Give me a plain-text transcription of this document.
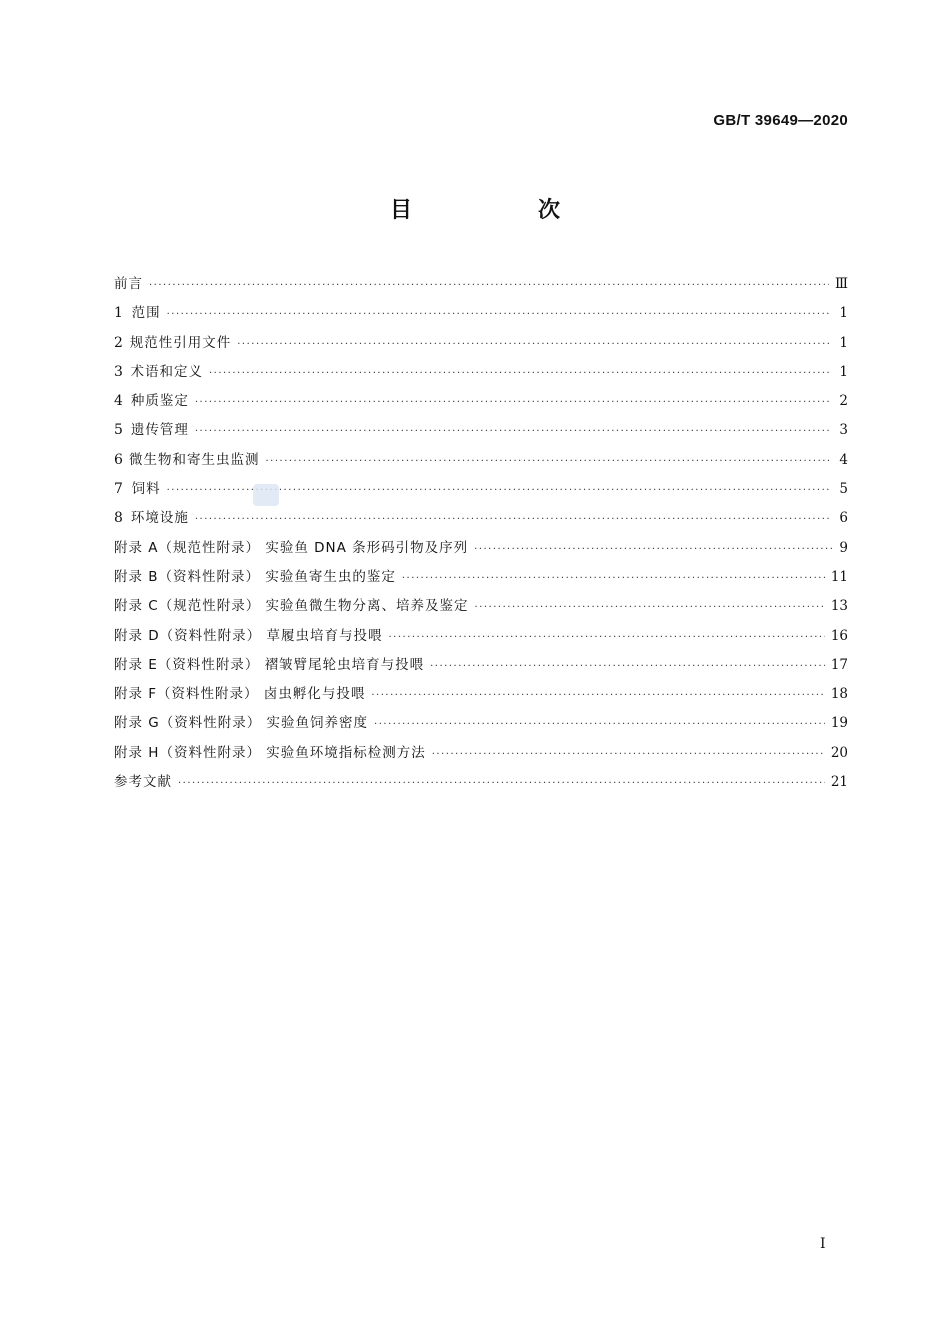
GB/T 39649—2020
目　次
前言 ·····	Ⅲ
1 范围 ·····	1
2 规范性引用文件 ·····	1
3 术语和定义 ·····	1
4 种质鉴定 ·····	2
5 遗传管理 ·····	3
6 微生物和寄生虫监测 ·····	4
7 饲料 ·····	5
8 环境设施 ·····	6
附录 A（规范性附录） 实验鱼 DNA 条形码引物及序列 ·····	9
附录 B（资料性附录） 实验鱼寄生虫的鉴定 ·····	11
附录 C（规范性附录） 实验鱼微生物分离、培养及鉴定 ·····	13
附录 D（资料性附录） 草履虫培育与投喂 ·····	16
附录 E（资料性附录） 褶皱臂尾轮虫培育与投喂 ·····	17
附录 F（资料性附录） 卤虫孵化与投喂 ·····	18
附录 G（资料性附录） 实验鱼饲养密度 ·····	19
附录 H（资料性附录） 实验鱼环境指标检测方法 ·····	20
参考文献 ·····	21
I
